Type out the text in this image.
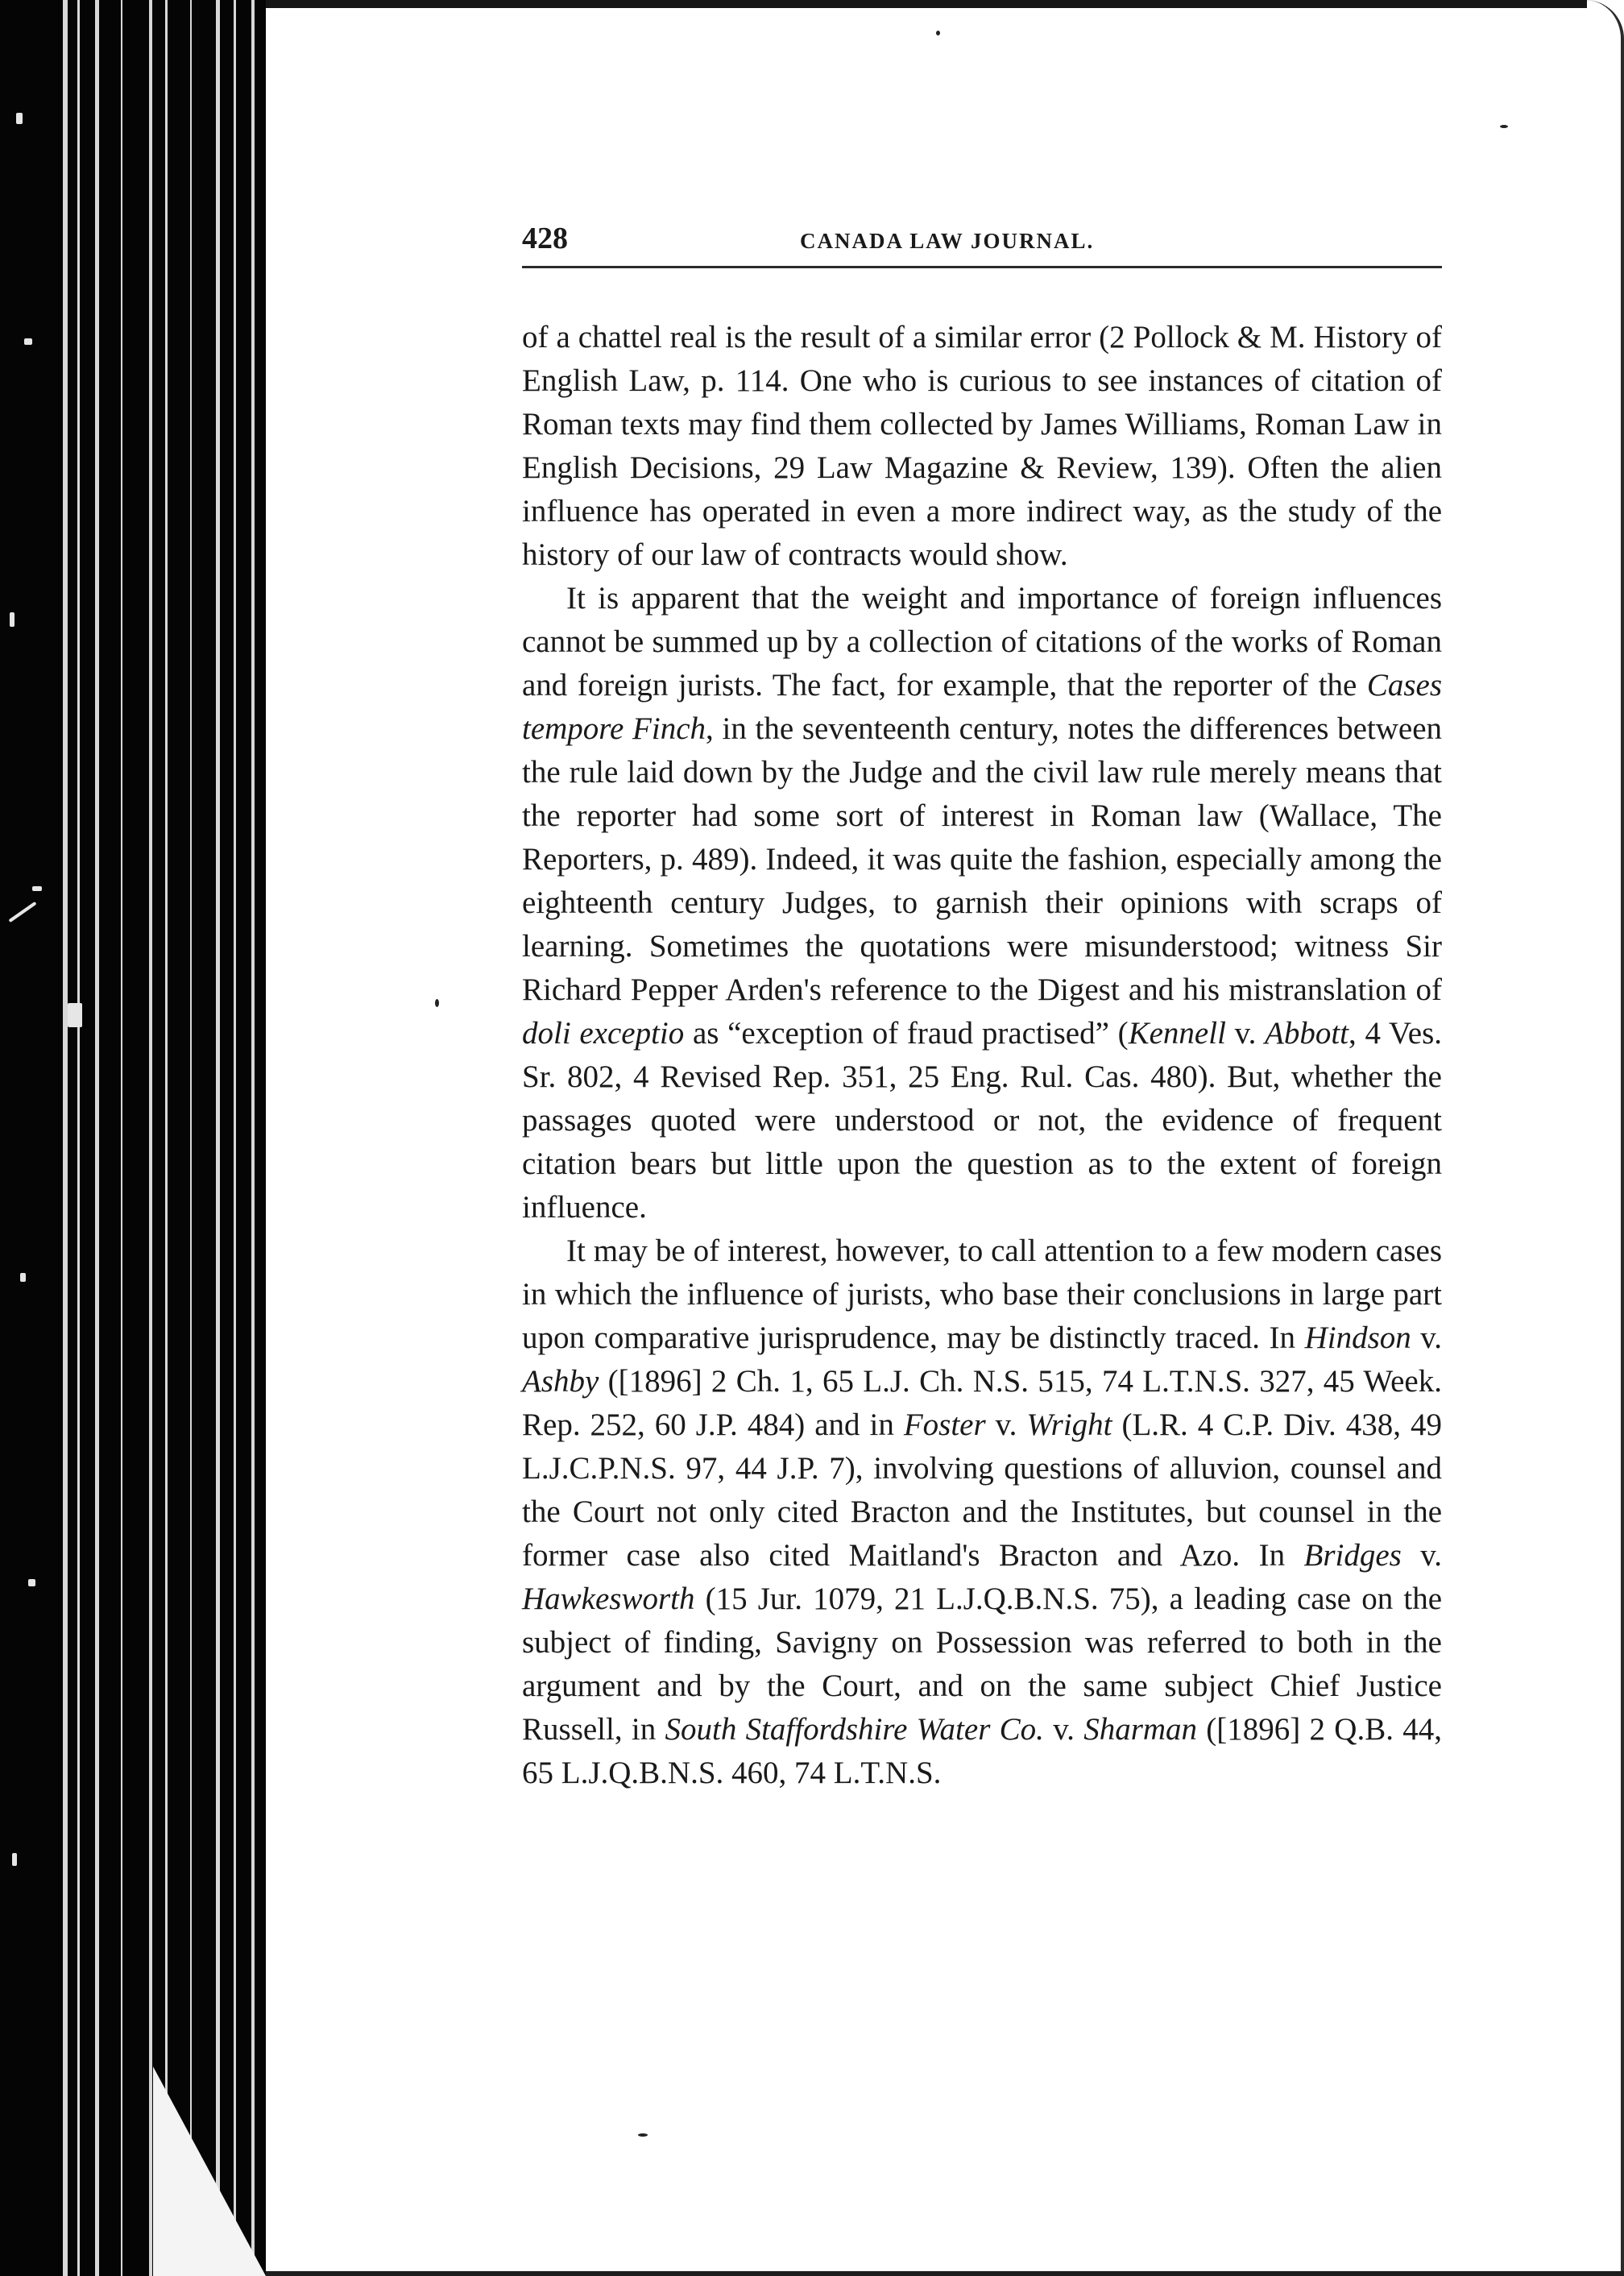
428	CANADA LAW JOURNAL.

of a chattel real is the result of a similar error (2 Pollock & M. History of English Law, p. 114. One who is curious to see instances of citation of Roman texts may find them collected by James Williams, Roman Law in English Decisions, 29 Law Magazine & Review, 139). Often the alien influence has operated in even a more indirect way, as the study of the history of our law of contracts would show.

It is apparent that the weight and importance of foreign influences cannot be summed up by a collection of citations of the works of Roman and foreign jurists. The fact, for example, that the reporter of the Cases tempore Finch, in the seventeenth century, notes the differences between the rule laid down by the Judge and the civil law rule merely means that the reporter had some sort of interest in Roman law (Wallace, The Reporters, p. 489). Indeed, it was quite the fashion, especially among the eighteenth century Judges, to garnish their opinions with scraps of learning. Sometimes the quotations were misunderstood; witness Sir Richard Pepper Arden's reference to the Digest and his mistranslation of doli exceptio as “exception of fraud practised” (Kennell v. Abbott, 4 Ves. Sr. 802, 4 Revised Rep. 351, 25 Eng. Rul. Cas. 480). But, whether the passages quoted were understood or not, the evidence of frequent citation bears but little upon the question as to the extent of foreign influence.

It may be of interest, however, to call attention to a few modern cases in which the influence of jurists, who base their conclusions in large part upon comparative jurisprudence, may be distinctly traced. In Hindson v. Ashby ([1896] 2 Ch. 1, 65 L.J. Ch. N.S. 515, 74 L.T.N.S. 327, 45 Week. Rep. 252, 60 J.P. 484) and in Foster v. Wright (L.R. 4 C.P. Div. 438, 49 L.J.C.P.N.S. 97, 44 J.P. 7), involving questions of alluvion, counsel and the Court not only cited Bracton and the Institutes, but counsel in the former case also cited Maitland's Bracton and Azo. In Bridges v. Hawkesworth (15 Jur. 1079, 21 L.J.Q.B.N.S. 75), a leading case on the subject of finding, Savigny on Possession was referred to both in the argument and by the Court, and on the same subject Chief Justice Russell, in South Staffordshire Water Co. v. Sharman ([1896] 2 Q.B. 44, 65 L.J.Q.B.N.S. 460, 74 L.T.N.S.
